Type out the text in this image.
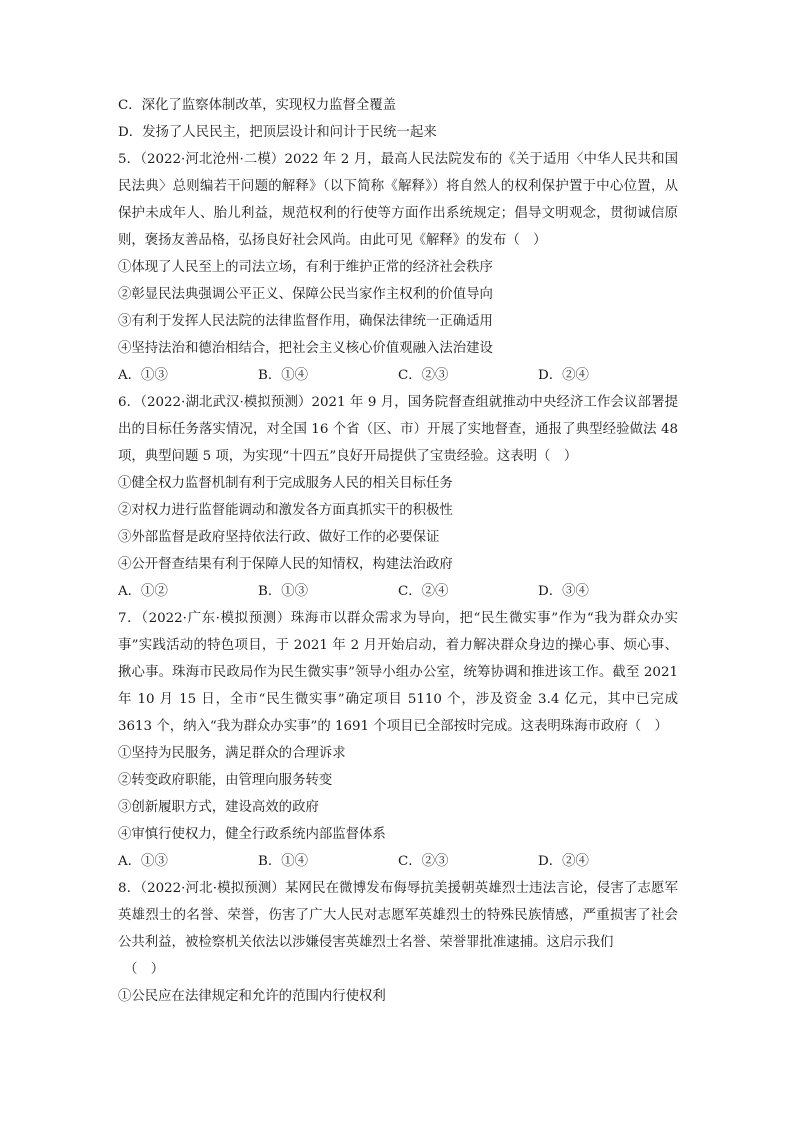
C．深化了监察体制改革，实现权力监督全覆盖

D．发扬了人民民主，把顶层设计和问计于民统一起来

5．（2022·河北沧州·二模）2022 年 2 月，最高人民法院发布的《关于适用〈中华人民共和国民法典〉总则编若干问题的解释》（以下简称《解释》）将自然人的权利保护置于中心位置，从保护未成年人、胎儿利益，规范权利的行使等方面作出系统规定；倡导文明观念，贯彻诚信原则，褒扬友善品格，弘扬良好社会风尚。由此可见《解释》的发布（　）

①体现了人民至上的司法立场，有利于维护正常的经济社会秩序

②彰显民法典强调公平正义、保障公民当家作主权利的价值导向

③有利于发挥人民法院的法律监督作用，确保法律统一正确适用

④坚持法治和德治相结合，把社会主义核心价值观融入法治建设

A．①③	B．①④	C．②③	D．②④

6．（2022·湖北武汉·模拟预测）2021 年 9 月，国务院督查组就推动中央经济工作会议部署提出的目标任务落实情况，对全国 16 个省（区、市）开展了实地督查，通报了典型经验做法 48 项，典型问题 5 项，为实现“十四五”良好开局提供了宝贵经验。这表明（　）

①健全权力监督机制有利于完成服务人民的相关目标任务

②对权力进行监督能调动和激发各方面真抓实干的积极性

③外部监督是政府坚持依法行政、做好工作的必要保证

④公开督查结果有利于保障人民的知情权，构建法治政府

A．①②	B．①③	C．②④	D．③④

7．（2022·广东·模拟预测）珠海市以群众需求为导向，把“民生微实事”作为“我为群众办实事”实践活动的特色项目，于 2021 年 2 月开始启动，着力解决群众身边的操心事、烦心事、揪心事。珠海市民政局作为民生微实事”领导小组办公室，统筹协调和推进该工作。截至 2021 年 10 月 15 日，全市“民生微实事”确定项目 5110 个，涉及资金 3.4 亿元，其中已完成 3613 个，纳入“我为群众办实事”的 1691 个项目已全部按时完成。这表明珠海市政府（　）

①坚持为民服务，满足群众的合理诉求

②转变政府职能，由管理向服务转变

③创新履职方式，建设高效的政府

④审慎行使权力，健全行政系统内部监督体系

A．①③	B．①④	C．②③	D．②④

8．（2022·河北·模拟预测）某网民在微博发布侮辱抗美援朝英雄烈士违法言论，侵害了志愿军英雄烈士的名誉、荣誉，伤害了广大人民对志愿军英雄烈士的特殊民族情感，严重损害了社会公共利益，被检察机关依法以涉嫌侵害英雄烈士名誉、荣誉罪批准逮捕。这启示我们

（　）

①公民应在法律规定和允许的范围内行使权利
